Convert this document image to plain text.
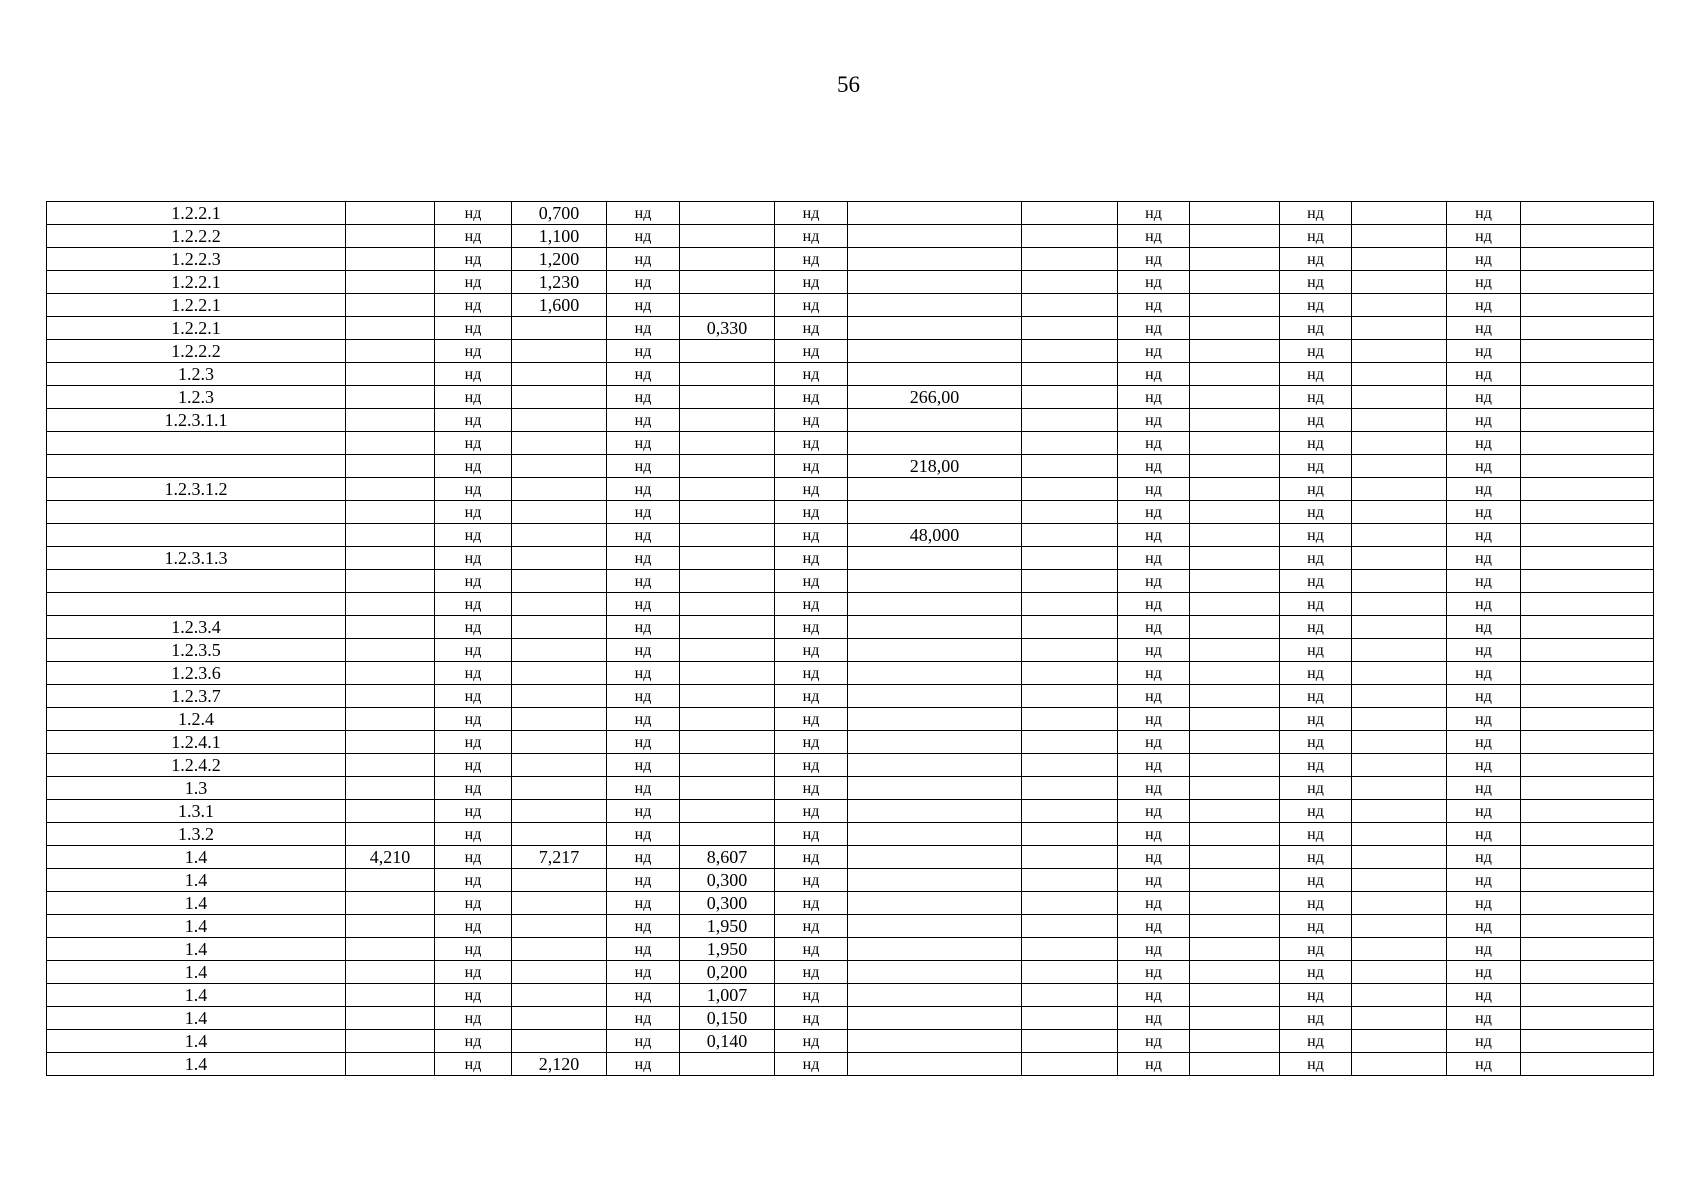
56
1.2.2.1		нд	0,700	нд		нд			нд		нд		нд	
1.2.2.2		нд	1,100	нд		нд			нд		нд		нд	
1.2.2.3		нд	1,200	нд		нд			нд		нд		нд	
1.2.2.1		нд	1,230	нд		нд			нд		нд		нд	
1.2.2.1		нд	1,600	нд		нд			нд		нд		нд	
1.2.2.1		нд		нд	0,330	нд			нд		нд		нд	
1.2.2.2		нд		нд		нд			нд		нд		нд	
1.2.3		нд		нд		нд			нд		нд		нд	
1.2.3		нд		нд		нд	266,00		нд		нд		нд	
1.2.3.1.1		нд		нд		нд			нд		нд		нд	
		нд		нд		нд			нд		нд		нд	
		нд		нд		нд	218,00		нд		нд		нд	
1.2.3.1.2		нд		нд		нд			нд		нд		нд	
		нд		нд		нд			нд		нд		нд	
		нд		нд		нд	48,000		нд		нд		нд	
1.2.3.1.3		нд		нд		нд			нд		нд		нд	
		нд		нд		нд			нд		нд		нд	
		нд		нд		нд			нд		нд		нд	
1.2.3.4		нд		нд		нд			нд		нд		нд	
1.2.3.5		нд		нд		нд			нд		нд		нд	
1.2.3.6		нд		нд		нд			нд		нд		нд	
1.2.3.7		нд		нд		нд			нд		нд		нд	
1.2.4		нд		нд		нд			нд		нд		нд	
1.2.4.1		нд		нд		нд			нд		нд		нд	
1.2.4.2		нд		нд		нд			нд		нд		нд	
1.3		нд		нд		нд			нд		нд		нд	
1.3.1		нд		нд		нд			нд		нд		нд	
1.3.2		нд		нд		нд			нд		нд		нд	
1.4	4,210	нд	7,217	нд	8,607	нд			нд		нд		нд	
1.4		нд		нд	0,300	нд			нд		нд		нд	
1.4		нд		нд	0,300	нд			нд		нд		нд	
1.4		нд		нд	1,950	нд			нд		нд		нд	
1.4		нд		нд	1,950	нд			нд		нд		нд	
1.4		нд		нд	0,200	нд			нд		нд		нд	
1.4		нд		нд	1,007	нд			нд		нд		нд	
1.4		нд		нд	0,150	нд			нд		нд		нд	
1.4		нд		нд	0,140	нд			нд		нд		нд	
1.4		нд	2,120	нд		нд			нд		нд		нд	
